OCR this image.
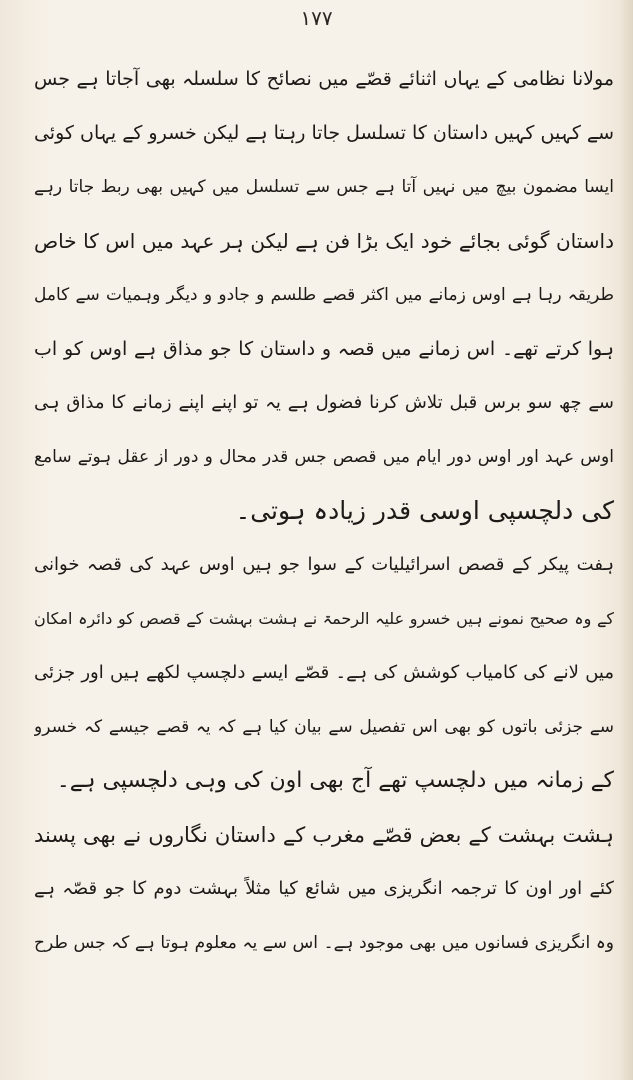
۱۷۷
مولانا نظامی کے یہاں اثنائے قصّے میں نصائح کا سلسلہ بھی آجاتا ہے جس
سے کہیں کہیں داستان کا تسلسل جاتا رہتا ہے لیکن خسرو کے یہاں کوئی
ایسا مضمون بیچ میں نہیں آتا ہے جس سے تسلسل میں کہیں بھی ربط جاتا رہے
داستان گوئی بجائے خود ایک بڑا فن ہے لیکن ہر عہد میں اس کا خاص
طریقہ رہا ہے اوس زمانے میں اکثر قصے طلسم و جادو و دیگر وہمیات سے کامل
ہوا کرتے تھے۔ اس زمانے میں قصہ و داستان کا جو مذاق ہے اوس کو اب
سے چھ سو برس قبل تلاش کرنا فضول ہے یہ تو اپنے اپنے زمانے کا مذاق ہی
اوس عہد اور اوس دور ایام میں قصص جس قدر محال و دور از عقل ہوتے سامع
کی دلچسپی اوسی قدر زیادہ ہوتی۔
ہفت پیکر کے قصص اسرائیلیات کے سوا جو ہیں اوس عہد کی قصہ خوانی
کے وہ صحیح نمونے ہیں خسرو علیہ الرحمۃ نے ہشت بہشت کے قصص کو دائرہ امکان
میں لانے کی کامیاب کوشش کی ہے۔ قصّے ایسے دلچسپ لکھے ہیں اور جزئی
سے جزئی باتوں کو بھی اس تفصیل سے بیان کیا ہے کہ یہ قصے جیسے کہ خسرو
کے زمانہ میں دلچسپ تھے آج بھی اون کی وہی دلچسپی ہے۔
ہشت بہشت کے بعض قصّے مغرب کے داستان نگاروں نے بھی پسند
کئے اور اون کا ترجمہ انگریزی میں شائع کیا مثلاً بہشت دوم کا جو قصّہ ہے
وہ انگریزی فسانوں میں بھی موجود ہے۔ اس سے یہ معلوم ہوتا ہے کہ جس طرح
